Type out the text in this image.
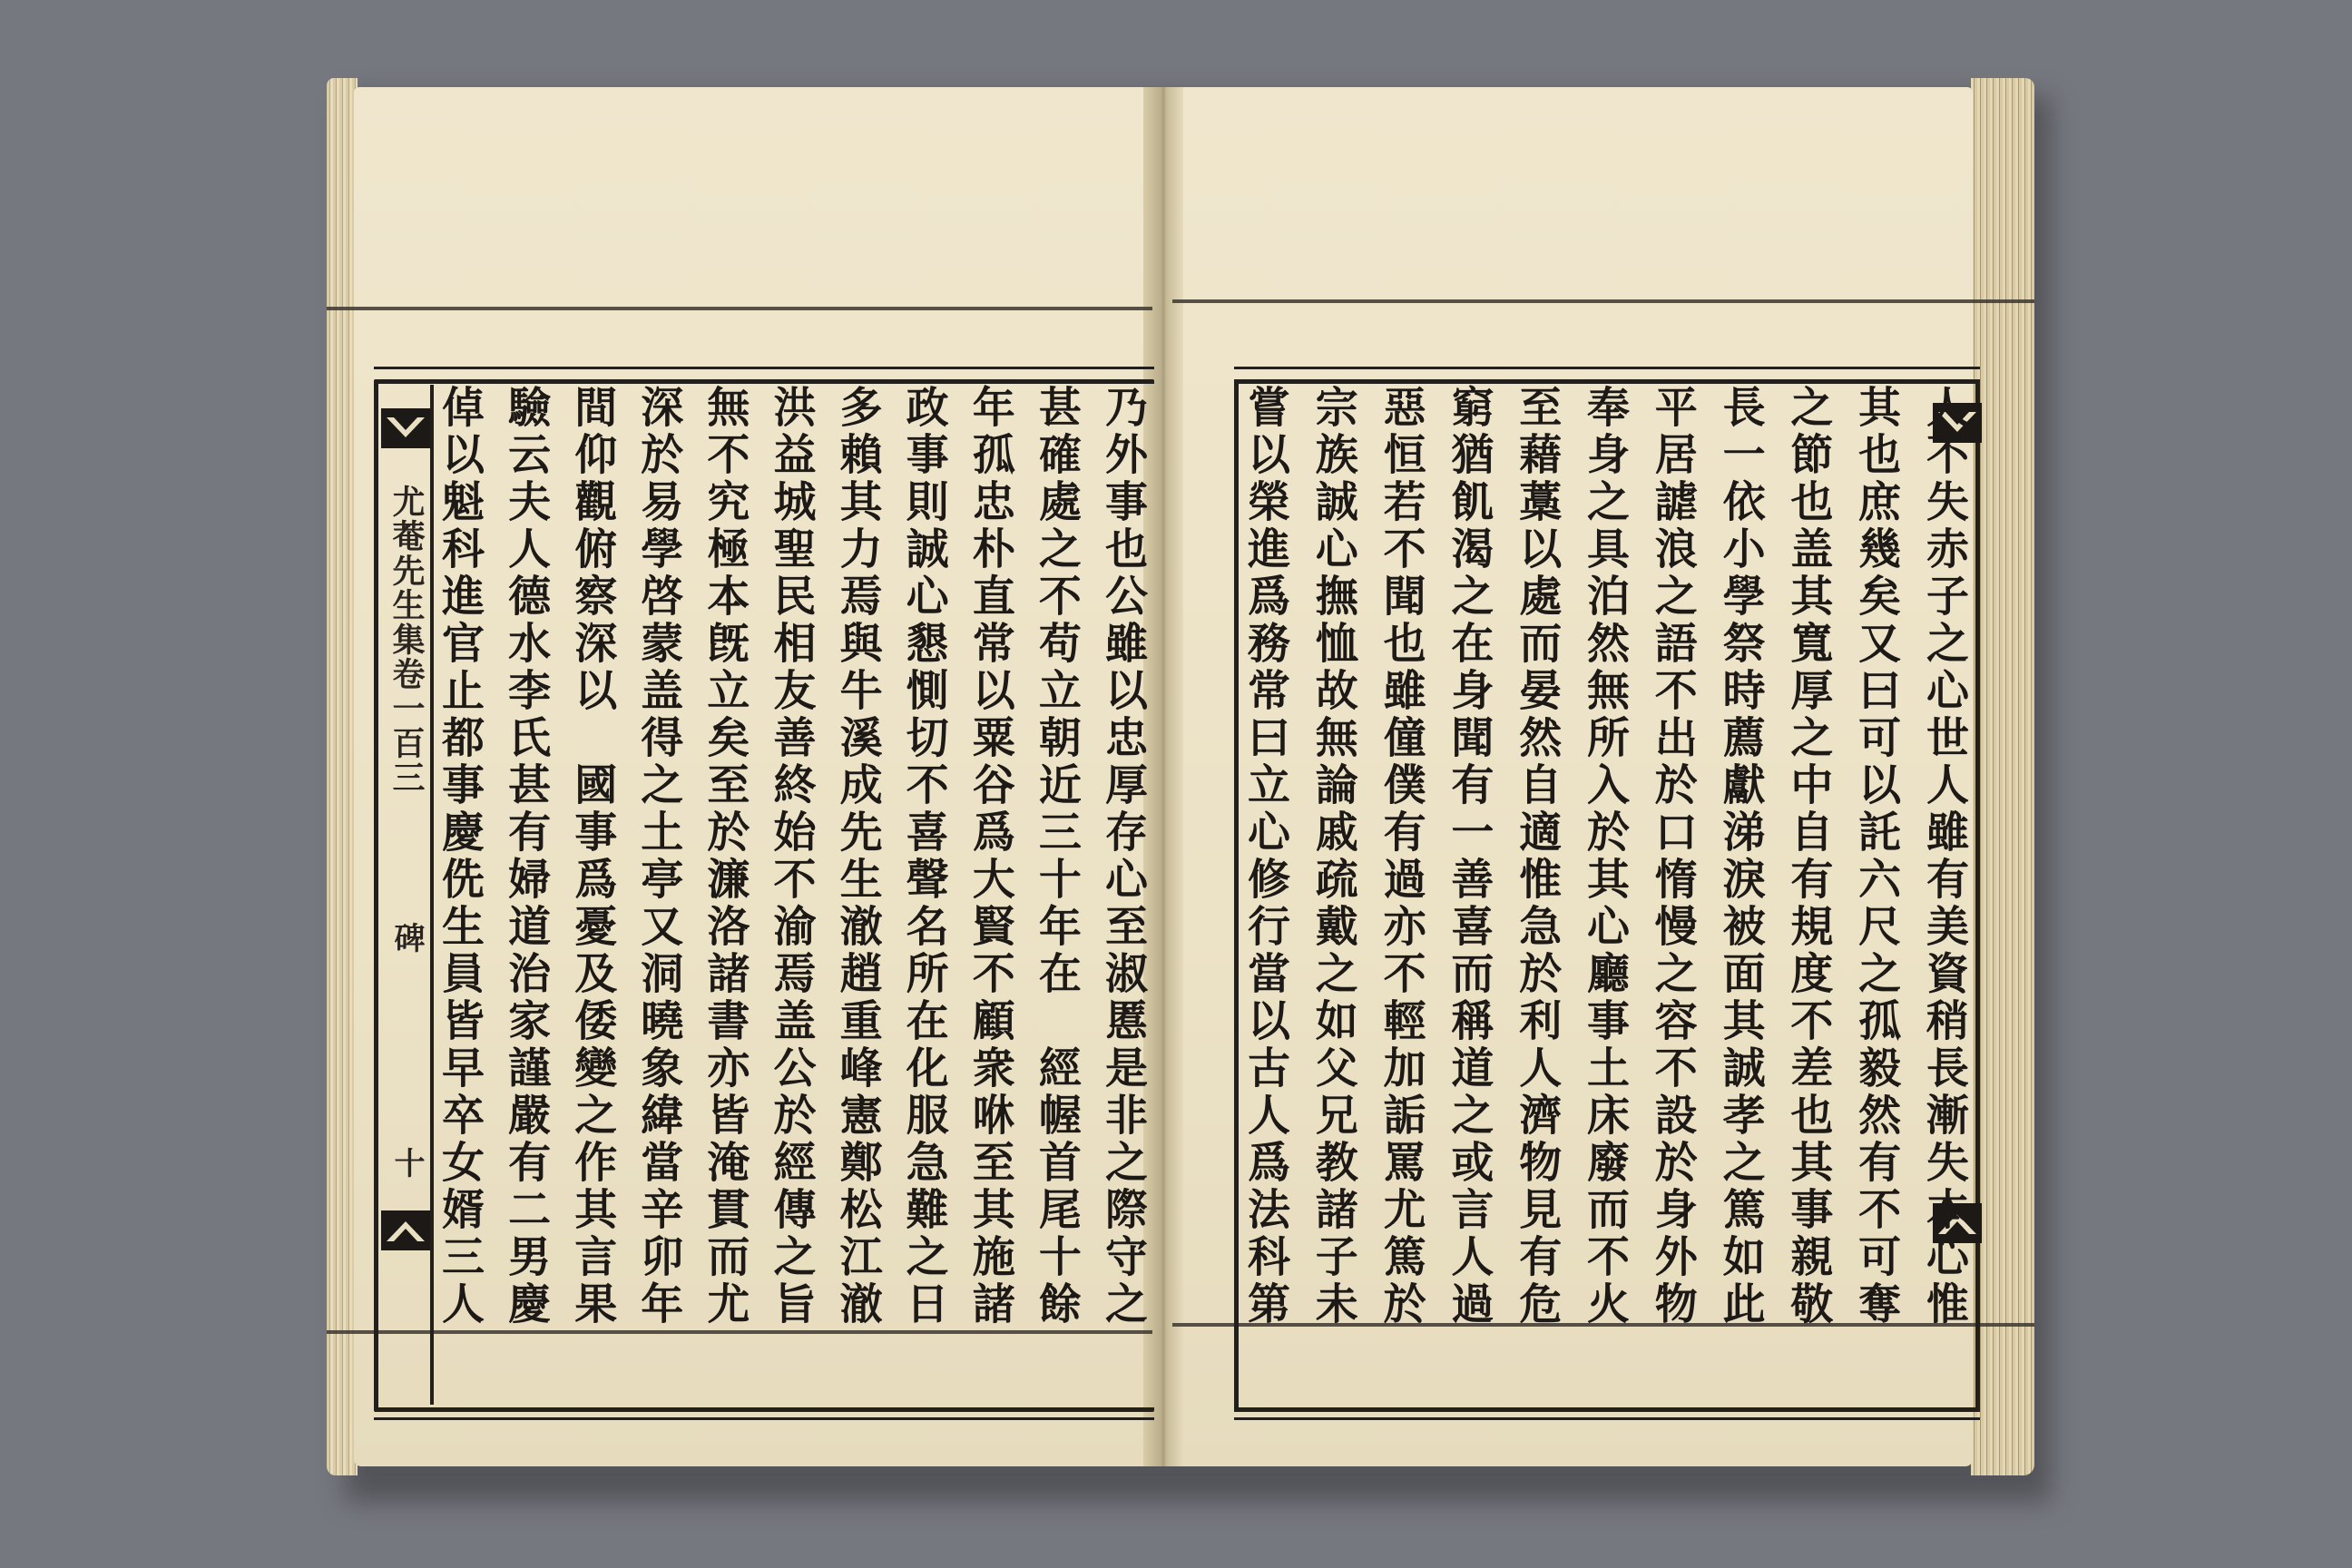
尤菴先生集卷一百三
碑
十	乃外事也公雖以忠厚存心至淑慝是非之際守之
甚確處之不苟立朝近三十年在　經幄首尾十餘
年孤忠朴直常以粟谷爲大賢不顧衆咻至其施諸
政事則誠心懇惻切不喜聲名所在化服急難之日
多賴其力焉與牛溪成先生澈趙重峰憲鄭松江澈
洪益城聖民相友善終始不渝焉盖公於經傳之旨
無不究極本旣立矣至於濂洛諸書亦皆淹貫而尤
深於易學啓蒙盖得之土亭又洞曉象緯當辛卯年
間仰觀俯察深以　國事爲憂及倭變之作其言果
驗云夫人德水李氏甚有婦道治家謹嚴有二男慶
倬以魁科進官止都事慶侁生員皆早卒女婿三人	人不失赤子之心世人雖有美資稍長漸失本心惟
其也庶幾矣又曰可以託六尺之孤毅然有不可奪
之節也盖其寬厚之中自有規度不差也其事親敬
長一依小學祭時薦獻涕淚被面其誠孝之篤如此
平居謔浪之語不出於口惰慢之容不設於身外物
奉身之具泊然無所入於其心廳事土床廢而不火
至藉藁以處而晏然自適惟急於利人濟物見有危
窮猶飢渴之在身聞有一善喜而稱道之或言人過
惡恒若不聞也雖僮僕有過亦不輕加詬罵尤篤於
宗族誠心撫恤故無論戚疏戴之如父兄教諸子未
嘗以榮進爲務常曰立心修行當以古人爲法科第
